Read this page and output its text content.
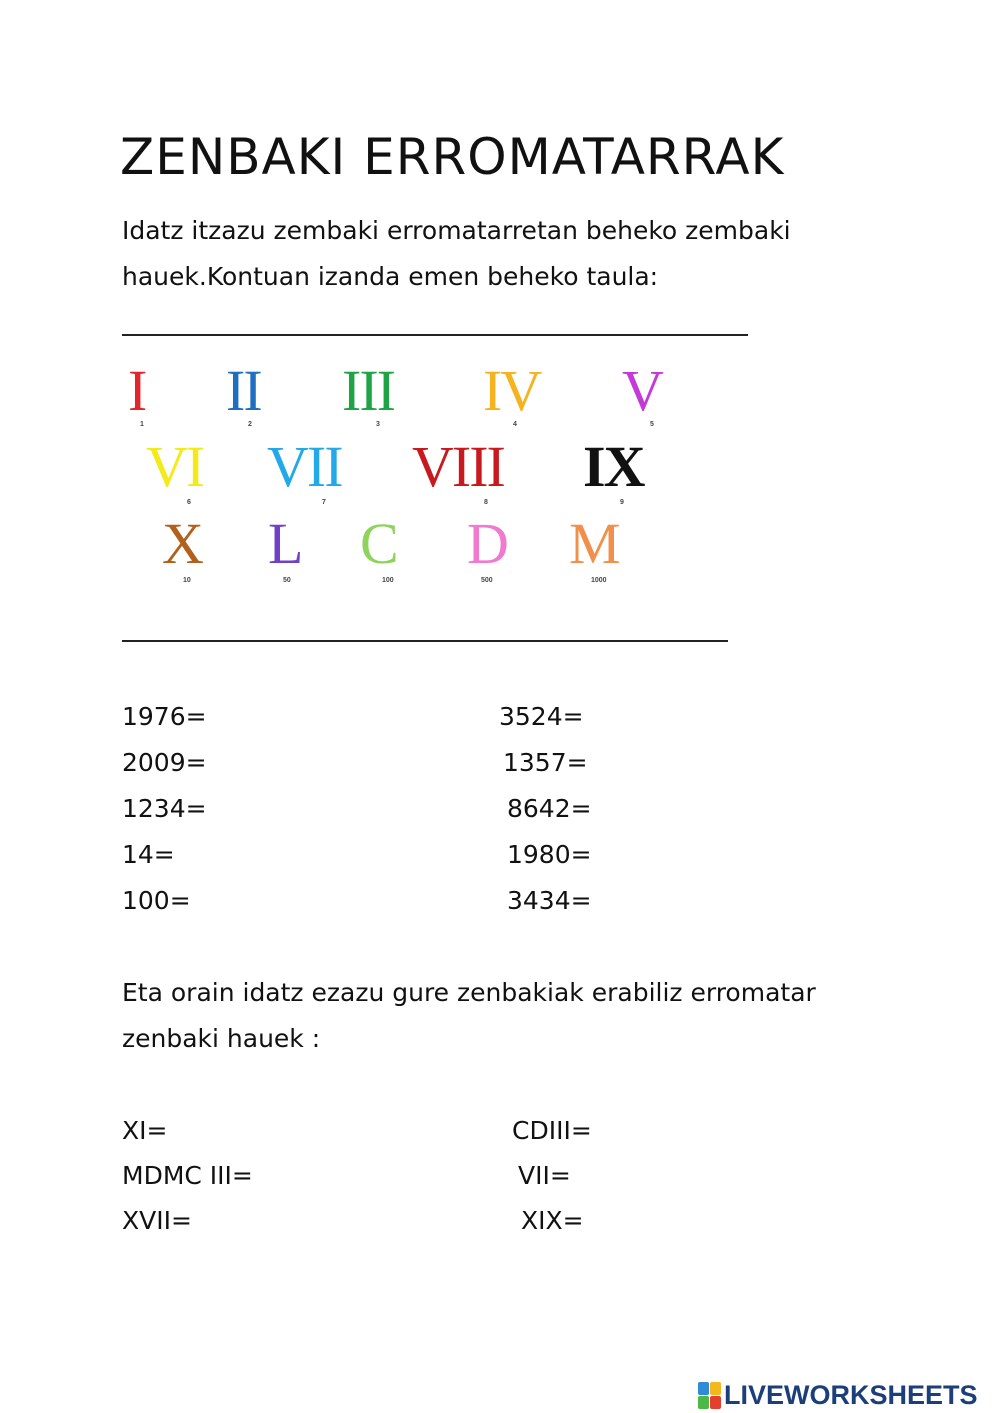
ZENBAKI ERROMATARRAK
Idatz itzazu zembaki erromatarretan beheko zembaki
hauek.Kontuan izanda emen beheko taula:
I
1
II
2
III
3
IV
4
V
5
VI
6
VII
7
VIII
8
IX
9
X
10
L
50
C
100
D
500
M
1000
1976=
2009=
1234=
14=
100=
3524=
1357=
8642=
1980=
3434=
Eta orain idatz ezazu gure zenbakiak erabiliz erromatar
zenbaki hauek :
XI=
MDMC III=
XVII=
CDIII=
VII=
XIX=
LIVEWORKSHEETS
